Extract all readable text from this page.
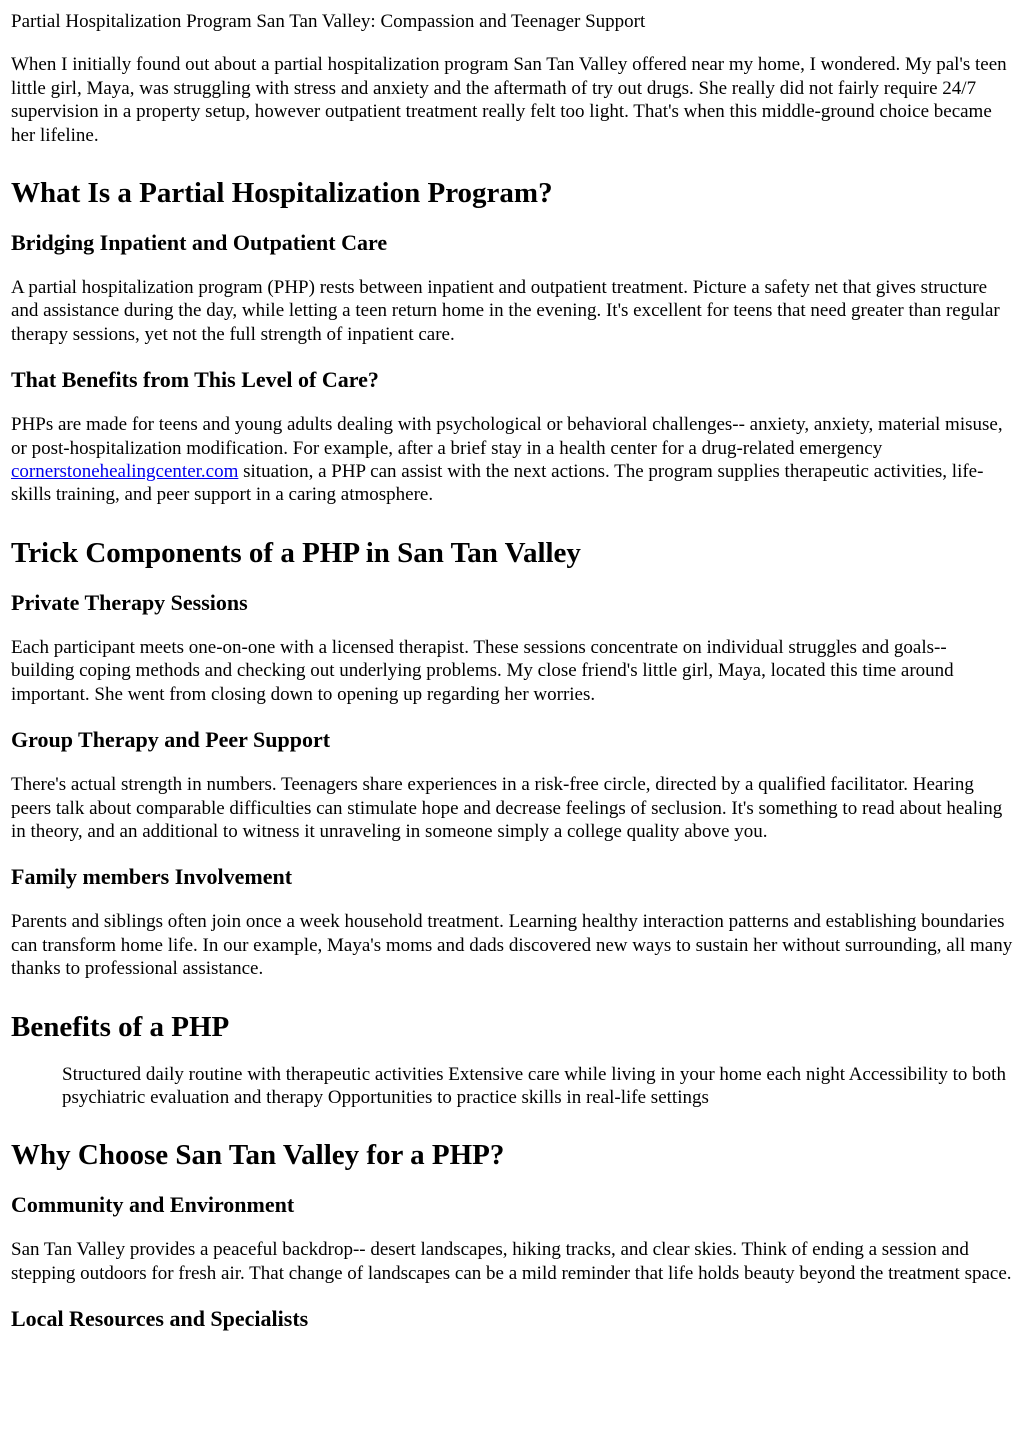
Partial Hospitalization Program San Tan Valley: Compassion and Teenager Support

When I initially found out about a partial hospitalization program San Tan Valley offered near my home, I wondered. My pal's teen little girl, Maya, was struggling with stress and anxiety and the aftermath of try out drugs. She really did not fairly require 24/7 supervision in a property setup, however outpatient treatment really felt too light. That's when this middle-ground choice became her lifeline.

What Is a Partial Hospitalization Program?
Bridging Inpatient and Outpatient Care

A partial hospitalization program (PHP) rests between inpatient and outpatient treatment. Picture a safety net that gives structure and assistance during the day, while letting a teen return home in the evening. It's excellent for teens that need greater than regular therapy sessions, yet not the full strength of inpatient care.

That Benefits from This Level of Care?

PHPs are made for teens and young adults dealing with psychological or behavioral challenges-- anxiety, anxiety, material misuse, or post-hospitalization modification. For example, after a brief stay in a health center for a drug-related emergency cornerstonehealingcenter.com situation, a PHP can assist with the next actions. The program supplies therapeutic activities, life-skills training, and peer support in a caring atmosphere.

Trick Components of a PHP in San Tan Valley
Private Therapy Sessions

Each participant meets one-on-one with a licensed therapist. These sessions concentrate on individual struggles and goals-- building coping methods and checking out underlying problems. My close friend's little girl, Maya, located this time around important. She went from closing down to opening up regarding her worries.

Group Therapy and Peer Support

There's actual strength in numbers. Teenagers share experiences in a risk-free circle, directed by a qualified facilitator. Hearing peers talk about comparable difficulties can stimulate hope and decrease feelings of seclusion. It's something to read about healing in theory, and an additional to witness it unraveling in someone simply a college quality above you.

Family members Involvement

Parents and siblings often join once a week household treatment. Learning healthy interaction patterns and establishing boundaries can transform home life. In our example, Maya's moms and dads discovered new ways to sustain her without surrounding, all many thanks to professional assistance.

Benefits of a PHP
Structured daily routine with therapeutic activities Extensive care while living in your home each night Accessibility to both psychiatric evaluation and therapy Opportunities to practice skills in real-life settings
Why Choose San Tan Valley for a PHP?
Community and Environment

San Tan Valley provides a peaceful backdrop-- desert landscapes, hiking tracks, and clear skies. Think of ending a session and stepping outdoors for fresh air. That change of landscapes can be a mild reminder that life holds beauty beyond the treatment space.

Local Resources and Specialists
